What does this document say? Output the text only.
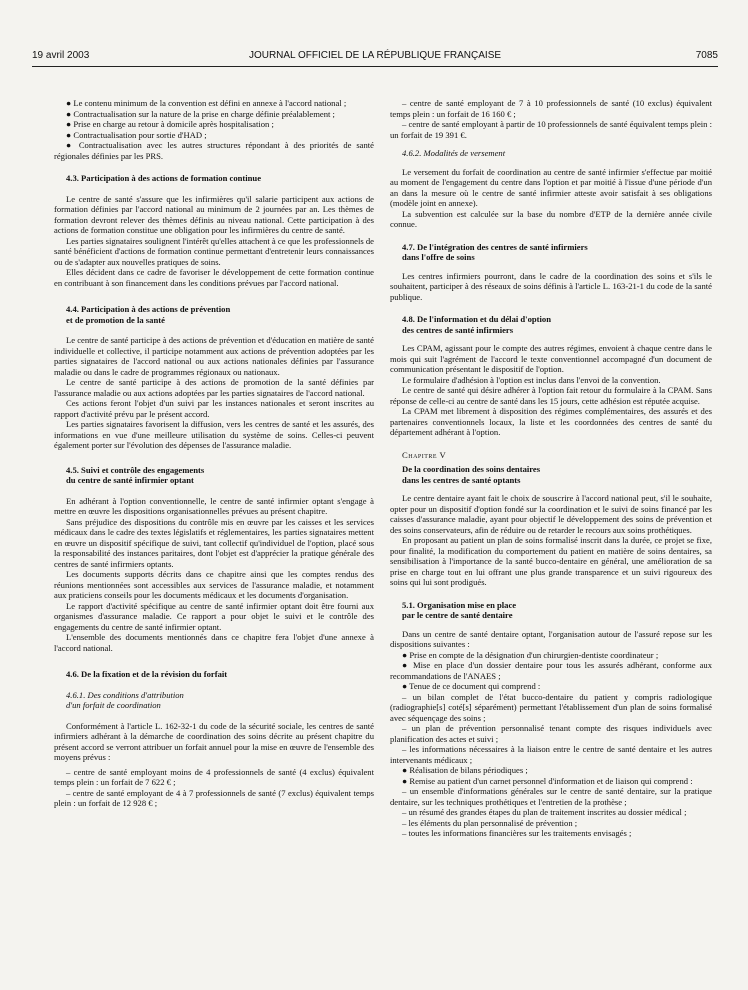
19 avril 2003	JOURNAL OFFICIEL DE LA RÉPUBLIQUE FRANÇAISE	7085

● Le contenu minimum de la convention est défini en annexe à l'accord national ;

● Contractualisation sur la nature de la prise en charge définie préalablement ;

● Prise en charge au retour à domicile après hospitalisation ;

● Contractualisation pour sortie d'HAD ;

● Contractualisation avec les autres structures répondant à des priorités de santé régionales définies par les PRS.

4.3. Participation à des actions de formation continue

Le centre de santé s'assure que les infirmières qu'il salarie participent aux actions de formation définies par l'accord national au minimum de 2 journées par an. Les thèmes de formation devront relever des thèmes définis au niveau national. Cette participation à des actions de formation constitue une obligation pour les infirmières du centre de santé.

Les parties signataires soulignent l'intérêt qu'elles attachent à ce que les professionnels de santé bénéficient d'actions de formation continue permettant d'entretenir leurs connaissances ou de s'adapter aux nouvelles pratiques de soins.

Elles décident dans ce cadre de favoriser le développement de cette formation continue en contribuant à son financement dans les conditions prévues par l'accord national.

4.4. Participation à des actions de prévention

et de promotion de la santé

Le centre de santé participe à des actions de prévention et d'éducation en matière de santé individuelle et collective, il participe notamment aux actions de prévention adoptées par les parties signataires de l'accord national ou aux actions nationales définies par l'assurance maladie ou dans le cadre de programmes régionaux ou nationaux.

Le centre de santé participe à des actions de promotion de la santé définies par l'assurance maladie ou aux actions adoptées par les parties signataires de l'accord national.

Ces actions feront l'objet d'un suivi par les instances nationales et seront inscrites au rapport d'activité prévu par le présent accord.

Les parties signataires favorisent la diffusion, vers les centres de santé et les assurés, des informations en vue d'une meilleure utilisation du système de soins. Celles-ci peuvent également porter sur l'évolution des dépenses de l'assurance maladie.

4.5. Suivi et contrôle des engagements

du centre de santé infirmier optant

En adhérant à l'option conventionnelle, le centre de santé infirmier optant s'engage à mettre en œuvre les dispositions organisationnelles prévues au présent chapitre.

Sans préjudice des dispositions du contrôle mis en œuvre par les caisses et les services médicaux dans le cadre des textes législatifs et réglementaires, les parties signataires mettent en œuvre un dispositif spécifique de suivi, tant collectif qu'individuel de l'option, placé sous la responsabilité des instances paritaires, dont l'objet est d'apprécier la pratique générale des centres de santé infirmiers optants.

Les documents supports décrits dans ce chapitre ainsi que les comptes rendus des réunions mentionnées sont accessibles aux services de l'assurance maladie, et notamment aux praticiens conseils pour les documents médicaux et les documents d'organisation.

Le rapport d'activité spécifique au centre de santé infirmier optant doit être fourni aux organismes d'assurance maladie. Ce rapport a pour objet le suivi et le contrôle des engagements du centre de santé infirmier optant.

L'ensemble des documents mentionnés dans ce chapitre fera l'objet d'une annexe à l'accord national.

4.6. De la fixation et de la révision du forfait

4.6.1. Des conditions d'attribution

d'un forfait de coordination

Conformément à l'article L. 162-32-1 du code de la sécurité sociale, les centres de santé infirmiers adhérant à la démarche de coordination des soins décrite au présent chapitre du présent accord se verront attribuer un forfait annuel pour la mise en œuvre de l'ensemble des moyens prévus :

– centre de santé employant moins de 4 professionnels de santé (4 exclus) équivalent temps plein : un forfait de 7 622 € ;

– centre de santé employant de 4 à 7 professionnels de santé (7 exclus) équivalent temps plein : un forfait de 12 928 € ;

– centre de santé employant de 7 à 10 professionnels de santé (10 exclus) équivalent temps plein : un forfait de 16 160 € ;

– centre de santé employant à partir de 10 professionnels de santé équivalent temps plein : un forfait de 19 391 €.

4.6.2. Modalités de versement

Le versement du forfait de coordination au centre de santé infirmier s'effectue par moitié au moment de l'engagement du centre dans l'option et par moitié à l'issue d'une période d'un an dans la mesure où le centre de santé infirmier atteste avoir satisfait à ses obligations (modèle joint en annexe).

La subvention est calculée sur la base du nombre d'ETP de la dernière année civile connue.

4.7. De l'intégration des centres de santé infirmiers

dans l'offre de soins

Les centres infirmiers pourront, dans le cadre de la coordination des soins et s'ils le souhaitent, participer à des réseaux de soins définis à l'article L. 163-21-1 du code de la santé publique.

4.8. De l'information et du délai d'option

des centres de santé infirmiers

Les CPAM, agissant pour le compte des autres régimes, envoient à chaque centre dans le mois qui suit l'agrément de l'accord le texte conventionnel accompagné d'un document de communication présentant le dispositif de l'option.

Le formulaire d'adhésion à l'option est inclus dans l'envoi de la convention.

Le centre de santé qui désire adhérer à l'option fait retour du formulaire à la CPAM. Sans réponse de celle-ci au centre de santé dans les 15 jours, cette adhésion est réputée acquise.

La CPAM met librement à disposition des régimes complémentaires, des assurés et des partenaires conventionnels locaux, la liste et les coordonnées des centres de santé du département adhérant à l'option.

Chapitre V

De la coordination des soins dentaires

dans les centres de santé optants

Le centre dentaire ayant fait le choix de souscrire à l'accord national peut, s'il le souhaite, opter pour un dispositif d'option fondé sur la coordination et le suivi de soins financé par les caisses d'assurance maladie, ayant pour objectif le développement des soins de prévention et des soins conservateurs, afin de réduire ou de retarder le recours aux soins prothétiques.

En proposant au patient un plan de soins formalisé inscrit dans la durée, ce projet se fixe, pour finalité, la modification du comportement du patient en matière de soins dentaires, sa sensibilisation à l'importance de la santé bucco-dentaire en général, une amélioration de sa prise en charge tout en lui offrant une plus grande transparence et un suivi rigoureux des soins qui lui sont prodigués.

5.1. Organisation mise en place

par le centre de santé dentaire

Dans un centre de santé dentaire optant, l'organisation autour de l'assuré repose sur les dispositions suivantes :

● Prise en compte de la désignation d'un chirurgien-dentiste coordinateur ;

● Mise en place d'un dossier dentaire pour tous les assurés adhérant, conforme aux recommandations de l'ANAES ;

● Tenue de ce document qui comprend :

– un bilan complet de l'état bucco-dentaire du patient y compris radiologique (radiographie[s] coté[s] séparément) permettant l'établissement d'un plan de soins formalisé avec séquençage des soins ;

– un plan de prévention personnalisé tenant compte des risques individuels avec planification des actes et suivi ;

– les informations nécessaires à la liaison entre le centre de santé dentaire et les autres intervenants médicaux ;

● Réalisation de bilans périodiques ;

● Remise au patient d'un carnet personnel d'information et de liaison qui comprend :

– un ensemble d'informations générales sur le centre de santé dentaire, sur la pratique dentaire, sur les techniques prothétiques et l'entretien de la prothèse ;

– un résumé des grandes étapes du plan de traitement inscrites au dossier médical ;

– les éléments du plan personnalisé de prévention ;

– toutes les informations financières sur les traitements envisagés ;
